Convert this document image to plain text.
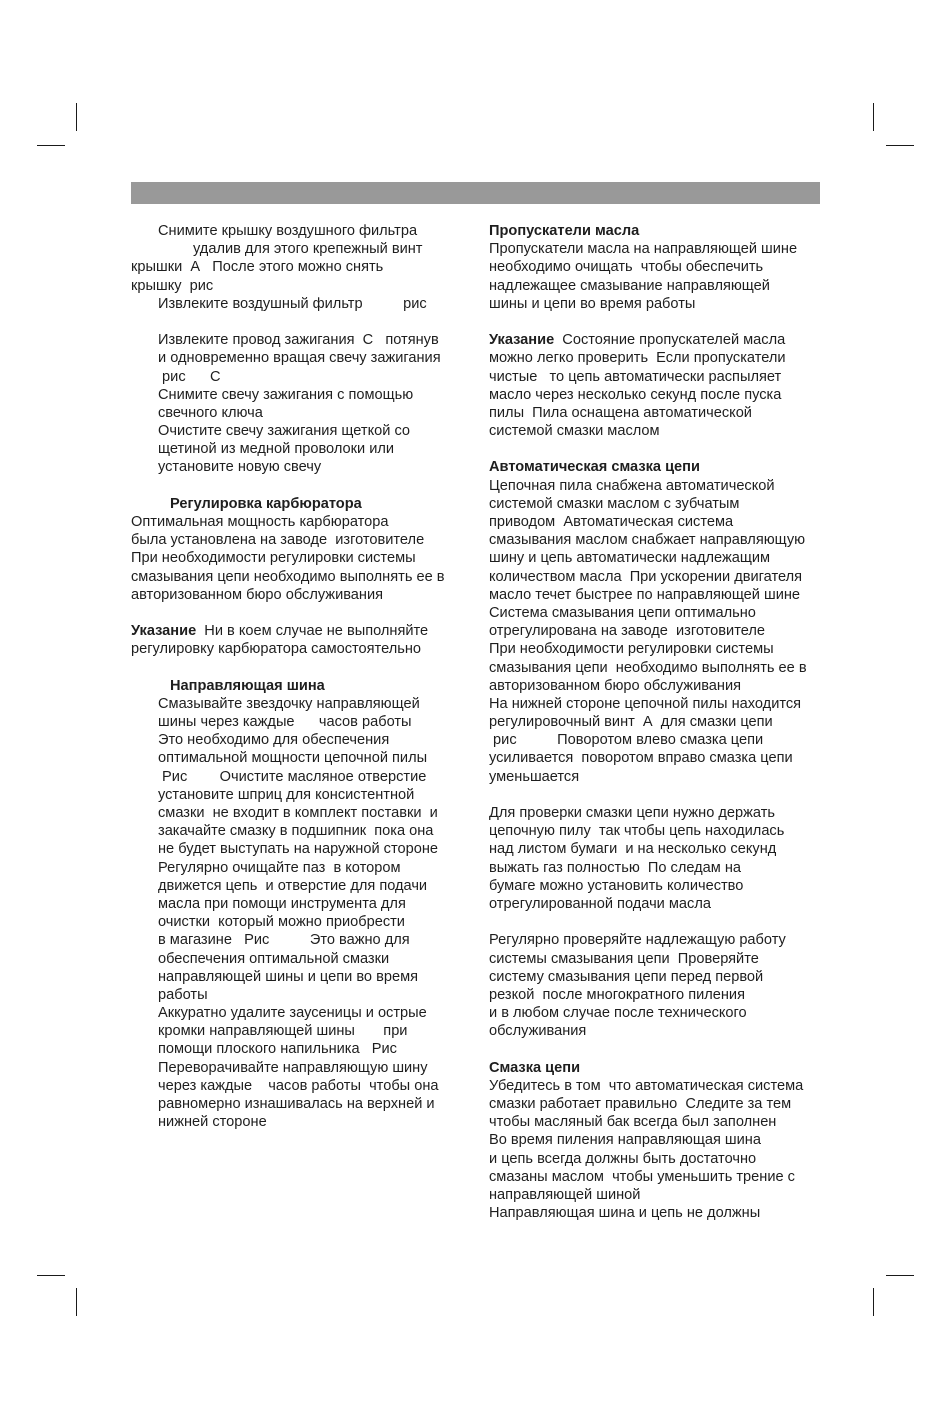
Снимите крышку воздушного фильтра
удалив для этого крепежный винт
крышки  А   После этого можно снять
крышку  рис
Извлеките воздушный фильтр          рис
Извлеките провод зажигания  С   потянув
и одновременно вращая свечу зажигания
рис      С
Снимите свечу зажигания с помощью
свечного ключа
Очистите свечу зажигания щеткой со
щетиной из медной проволоки или
установите новую свечу
Регулировка карбюратора
Оптимальная мощность карбюратора
была установлена на заводе  изготовителе
При необходимости регулировки системы
смазывания цепи необходимо выполнять ее в
авторизованном бюро обслуживания
Указание  Ни в коем случае не выполняйте
регулировку карбюратора самостоятельно
Направляющая шина
Смазывайте звездочку направляющей
шины через каждые      часов работы
Это необходимо для обеспечения
оптимальной мощности цепочной пилы
Рис        Очистите масляное отверстие
установите шприц для консистентной
смазки  не входит в комплект поставки  и
закачайте смазку в подшипник  пока она
не будет выступать на наружной стороне
Регулярно очищайте паз  в котором
движется цепь  и отверстие для подачи
масла при помощи инструмента для
очистки  который можно приобрести
в магазине   Рис          Это важно для
обеспечения оптимальной смазки
направляющей шины и цепи во время
работы
Аккуратно удалите заусеницы и острые
кромки направляющей шины       при
помощи плоского напильника   Рис
Переворачивайте направляющую шину
через каждые    часов работы  чтобы она
равномерно изнашивалась на верхней и
нижней стороне
Пропускатели масла
Пропускатели масла на направляющей шине
необходимо очищать  чтобы обеспечить
надлежащее смазывание направляющей
шины и цепи во время работы
Указание  Состояние пропускателей масла
можно легко проверить  Если пропускатели
чистые   то цепь автоматически распыляет
масло через несколько секунд после пуска
пилы  Пила оснащена автоматической
системой смазки маслом
Автоматическая смазка цепи
Цепочная пила снабжена автоматической
системой смазки маслом с зубчатым
приводом  Автоматическая система
смазывания маслом снабжает направляющую
шину и цепь автоматически надлежащим
количеством масла  При ускорении двигателя
масло течет быстрее по направляющей шине
Система смазывания цепи оптимально
отрегулирована на заводе  изготовителе
При необходимости регулировки системы
смазывания цепи  необходимо выполнять ее в
авторизованном бюро обслуживания
На нижней стороне цепочной пилы находится
регулировочный винт  А  для смазки цепи
рис          Поворотом влево смазка цепи
усиливается  поворотом вправо смазка цепи
уменьшается
Для проверки смазки цепи нужно держать
цепочную пилу  так чтобы цепь находилась
над листом бумаги  и на несколько секунд
выжать газ полностью  По следам на
бумаге можно установить количество
отрегулированной подачи масла
Регулярно проверяйте надлежащую работу
системы смазывания цепи  Проверяйте
систему смазывания цепи перед первой
резкой  после многократного пиления
и в любом случае после технического
обслуживания
Смазка цепи
Убедитесь в том  что автоматическая система
смазки работает правильно  Следите за тем
чтобы масляный бак всегда был заполнен
Во время пиления направляющая шина
и цепь всегда должны быть достаточно
смазаны маслом  чтобы уменьшить трение с
направляющей шиной
Направляющая шина и цепь не должны
